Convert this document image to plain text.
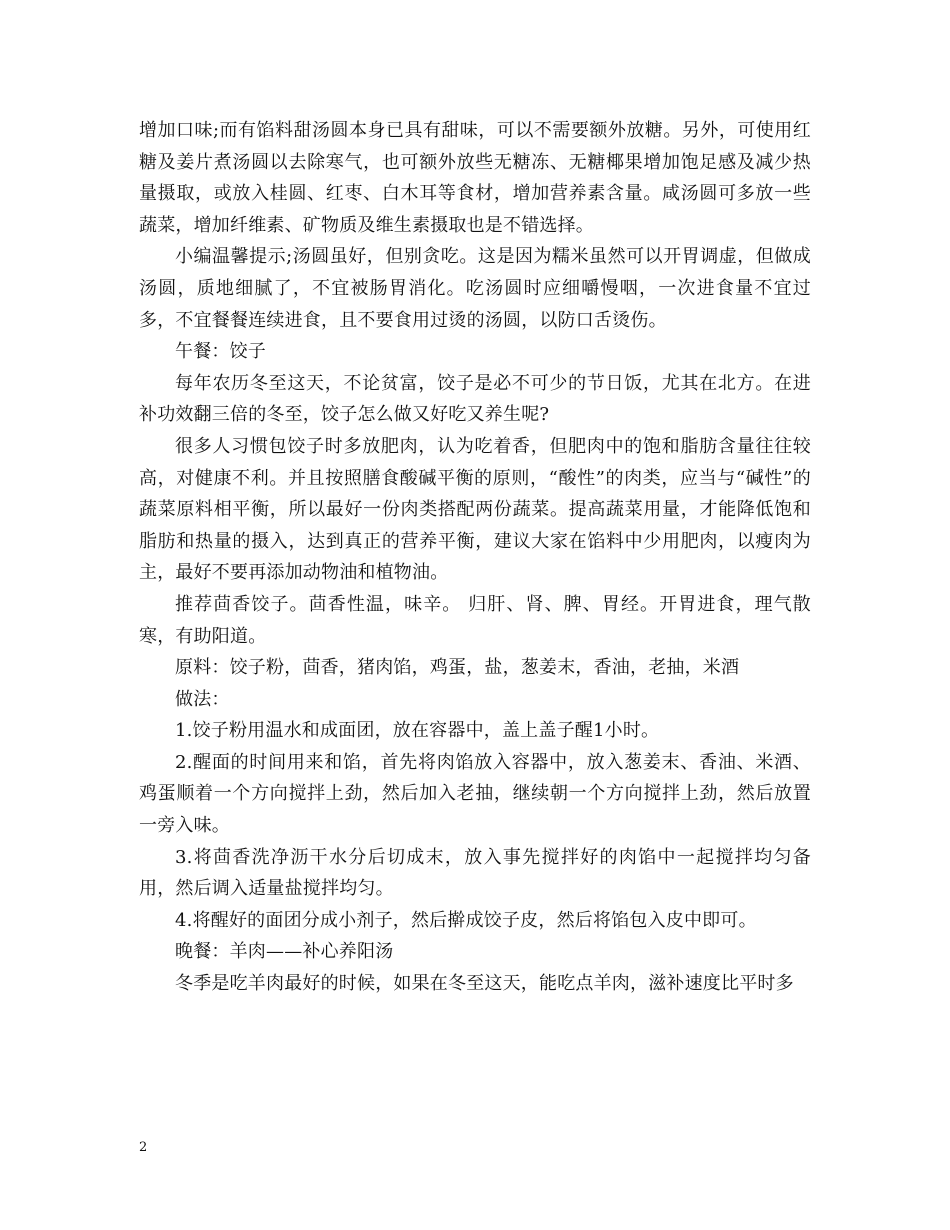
增加口味;而有馅料甜汤圆本身已具有甜味，可以不需要额外放糖。另外，可使用红糖及姜片煮汤圆以去除寒气，也可额外放些无糖冻、无糖椰果增加饱足感及减少热量摄取，或放入桂圆、红枣、白木耳等食材，增加营养素含量。咸汤圆可多放一些蔬菜，增加纤维素、矿物质及维生素摄取也是不错选择。

小编温馨提示;汤圆虽好，但别贪吃。这是因为糯米虽然可以开胃调虚，但做成汤圆，质地细腻了，不宜被肠胃消化。吃汤圆时应细嚼慢咽，一次进食量不宜过多，不宜餐餐连续进食，且不要食用过烫的汤圆，以防口舌烫伤。

午餐：饺子

每年农历冬至这天，不论贫富，饺子是必不可少的节日饭，尤其在北方。在进补功效翻三倍的冬至，饺子怎么做又好吃又养生呢?

很多人习惯包饺子时多放肥肉，认为吃着香，但肥肉中的饱和脂肪含量往往较高，对健康不利。并且按照膳食酸碱平衡的原则，“酸性”的肉类，应当与“碱性”的蔬菜原料相平衡，所以最好一份肉类搭配两份蔬菜。提高蔬菜用量，才能降低饱和脂肪和热量的摄入，达到真正的营养平衡，建议大家在馅料中少用肥肉，以瘦肉为主，最好不要再添加动物油和植物油。

推荐茴香饺子。茴香性温，味辛。 归肝、肾、脾、胃经。开胃进食，理气散寒，有助阳道。

原料：饺子粉，茴香，猪肉馅，鸡蛋，盐，葱姜末，香油，老抽，米酒

做法：

1.饺子粉用温水和成面团，放在容器中，盖上盖子醒1小时。

2.醒面的时间用来和馅，首先将肉馅放入容器中，放入葱姜末、香油、米酒、鸡蛋顺着一个方向搅拌上劲，然后加入老抽，继续朝一个方向搅拌上劲，然后放置一旁入味。

3.将茴香洗净沥干水分后切成末，放入事先搅拌好的肉馅中一起搅拌均匀备用，然后调入适量盐搅拌均匀。

4.将醒好的面团分成小剂子，然后擀成饺子皮，然后将馅包入皮中即可。

晚餐：羊肉——补心养阳汤

冬季是吃羊肉最好的时候，如果在冬至这天，能吃点羊肉，滋补速度比平时多

2
